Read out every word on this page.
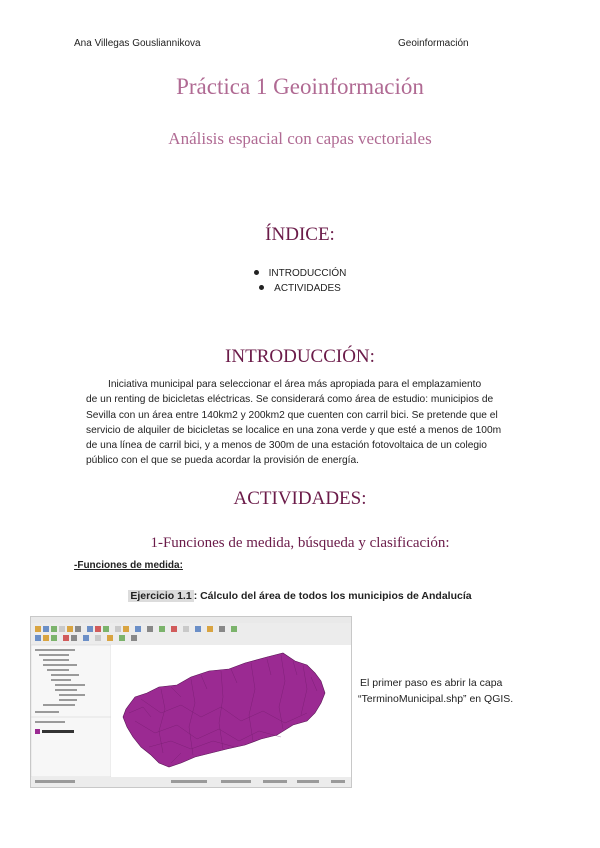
Ana Villegas Gousliannikova	Geoinformación
Práctica 1 Geoinformación
Análisis espacial con capas vectoriales
ÍNDICE:
INTRODUCCIÓN
ACTIVIDADES
INTRODUCCIÓN:
Iniciativa municipal para seleccionar el área más apropiada para el emplazamiento
de un renting de bicicletas eléctricas. Se considerará como área de estudio: municipios de
Sevilla con un área entre 140km2 y 200km2 que cuenten con carril bici. Se pretende que el
servicio de alquiler de bicicletas se localice en una zona verde y que esté a menos de 100m
de una línea de carril bici, y a menos de 300m de una estación fotovoltaica de un colegio
público con el que se pueda acordar la provisión de energía.
ACTIVIDADES:
1-Funciones de medida, búsqueda y clasificación:
-Funciones de medida:
Ejercicio 1.1 : Cálculo del área de todos los municipios de Andalucía
El primer paso es abrir la capa
“TerminoMunicipal.shp” en QGIS.
